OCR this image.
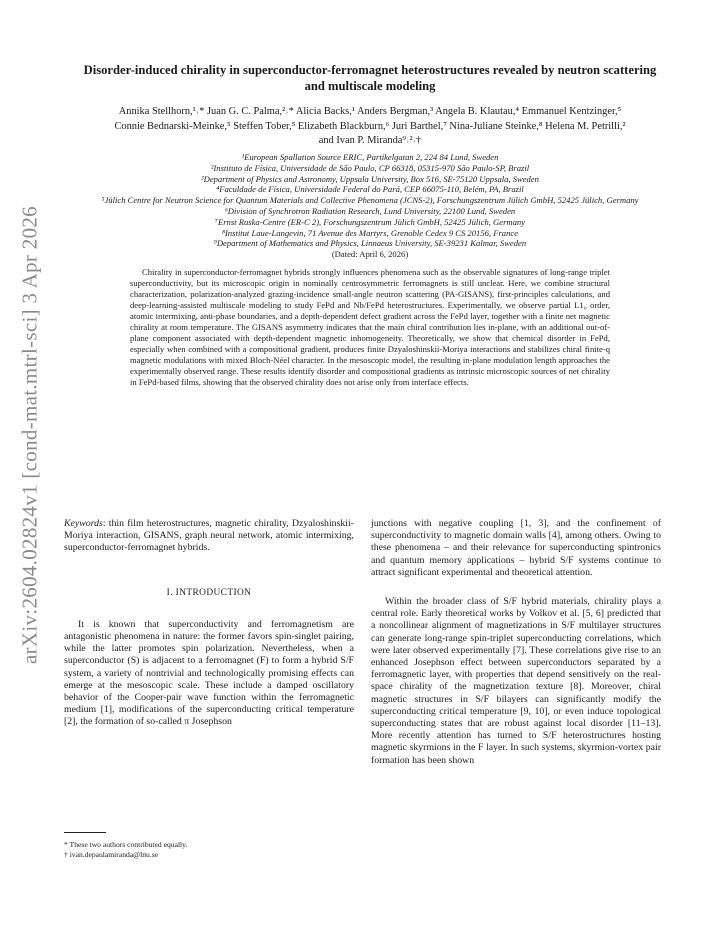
arXiv:2604.02824v1 [cond-mat.mtrl-sci] 3 Apr 2026
Disorder-induced chirality in superconductor-ferromagnet heterostructures revealed by neutron scattering and multiscale modeling
Annika Stellhorn,¹˒* Juan G. C. Palma,²˒* Alicia Backs,¹ Anders Bergman,³ Angela B. Klautau,⁴ Emmanuel Kentzinger,⁵ Connie Bednarski-Meinke,⁵ Steffen Tober,⁵ Elizabeth Blackburn,⁶ Juri Barthel,⁷ Nina-Juliane Steinke,⁸ Helena M. Petrilli,² and Ivan P. Miranda⁹˒²˒†
¹European Spallation Source ERIC, Partikelgatan 2, 224 84 Lund, Sweden
²Instituto de Física, Universidade de São Paulo, CP 66318, 05315-970 São Paulo-SP, Brazil
³Department of Physics and Astronomy, Uppsala University, Box 516, SE-75120 Uppsala, Sweden
⁴Faculdade de Física, Universidade Federal do Pará, CEP 66075-110, Belém, PA, Brazil
⁵Jülich Centre for Neutron Science for Quantum Materials and Collective Phenomena (JCNS-2), Forschungszentrum Jülich GmbH, 52425 Jülich, Germany
⁶Division of Synchrotron Radiation Research, Lund University, 22100 Lund, Sweden
⁷Ernst Ruska-Centre (ER-C 2), Forschungszentrum Jülich GmbH, 52425 Jülich, Germany
⁸Institut Laue-Langevin, 71 Avenue des Martyrs, Grenoble Cedex 9 CS 20156, France
⁹Department of Mathematics and Physics, Linnaeus University, SE-39231 Kalmar, Sweden
(Dated: April 6, 2026)
Chirality in superconductor-ferromagnet hybrids strongly influences phenomena such as the observable signatures of long-range triplet superconductivity, but its microscopic origin in nominally centrosymmetric ferromagnets is still unclear. Here, we combine structural characterization, polarization-analyzed grazing-incidence small-angle neutron scattering (PA-GISANS), first-principles calculations, and deep-learning-assisted multiscale modeling to study FePd and Nb/FePd heterostructures. Experimentally, we observe partial L1₀ order, atomic intermixing, anti-phase boundaries, and a depth-dependent defect gradient across the FePd layer, together with a finite net magnetic chirality at room temperature. The GISANS asymmetry indicates that the main chiral contribution lies in-plane, with an additional out-of-plane component associated with depth-dependent magnetic inhomogeneity. Theoretically, we show that chemical disorder in FePd, especially when combined with a compositional gradient, produces finite Dzyaloshinskii-Moriya interactions and stabilizes chiral finite-q magnetic modulations with mixed Bloch-Néel character. In the mesoscopic model, the resulting in-plane modulation length approaches the experimentally observed range. These results identify disorder and compositional gradients as intrinsic microscopic sources of net chirality in FePd-based films, showing that the observed chirality does not arise only from interface effects.

Keywords: thin film heterostructures, magnetic chirality, Dzyaloshinskii-Moriya interaction, GISANS, graph neural network, atomic intermixing, superconductor-ferromagnet hybrids.

I. INTRODUCTION

It is known that superconductivity and ferromagnetism are antagonistic phenomena in nature: the former favors spin-singlet pairing, while the latter promotes spin polarization. Nevertheless, when a superconductor (S) is adjacent to a ferromagnet (F) to form a hybrid S/F system, a variety of nontrivial and technologically promising effects can emerge at the mesoscopic scale. These include a damped oscillatory behavior of the Cooper-pair wave function within the ferromagnetic medium [1], modifications of the superconducting critical temperature [2], the formation of so-called π Josephson

junctions with negative coupling [1, 3], and the confinement of superconductivity to magnetic domain walls [4], among others. Owing to these phenomena – and their relevance for superconducting spintronics and quantum memory applications – hybrid S/F systems continue to attract significant experimental and theoretical attention.

Within the broader class of S/F hybrid materials, chirality plays a central role. Early theoretical works by Volkov et al. [5, 6] predicted that a noncollinear alignment of magnetizations in S/F multilayer structures can generate long-range spin-triplet superconducting correlations, which were later observed experimentally [7]. These correlations give rise to an enhanced Josephson effect between superconductors separated by a ferromagnetic layer, with properties that depend sensitively on the real-space chirality of the magnetization texture [8]. Moreover, chiral magnetic structures in S/F bilayers can significantly modify the superconducting critical temperature [9, 10], or even induce topological superconducting states that are robust against local disorder [11–13]. More recently attention has turned to S/F heterostructures hosting magnetic skyrmions in the F layer. In such systems, skyrmion-vortex pair formation has been shown

* These two authors contributed equally.
† ivan.depaulamiranda@lnu.se
